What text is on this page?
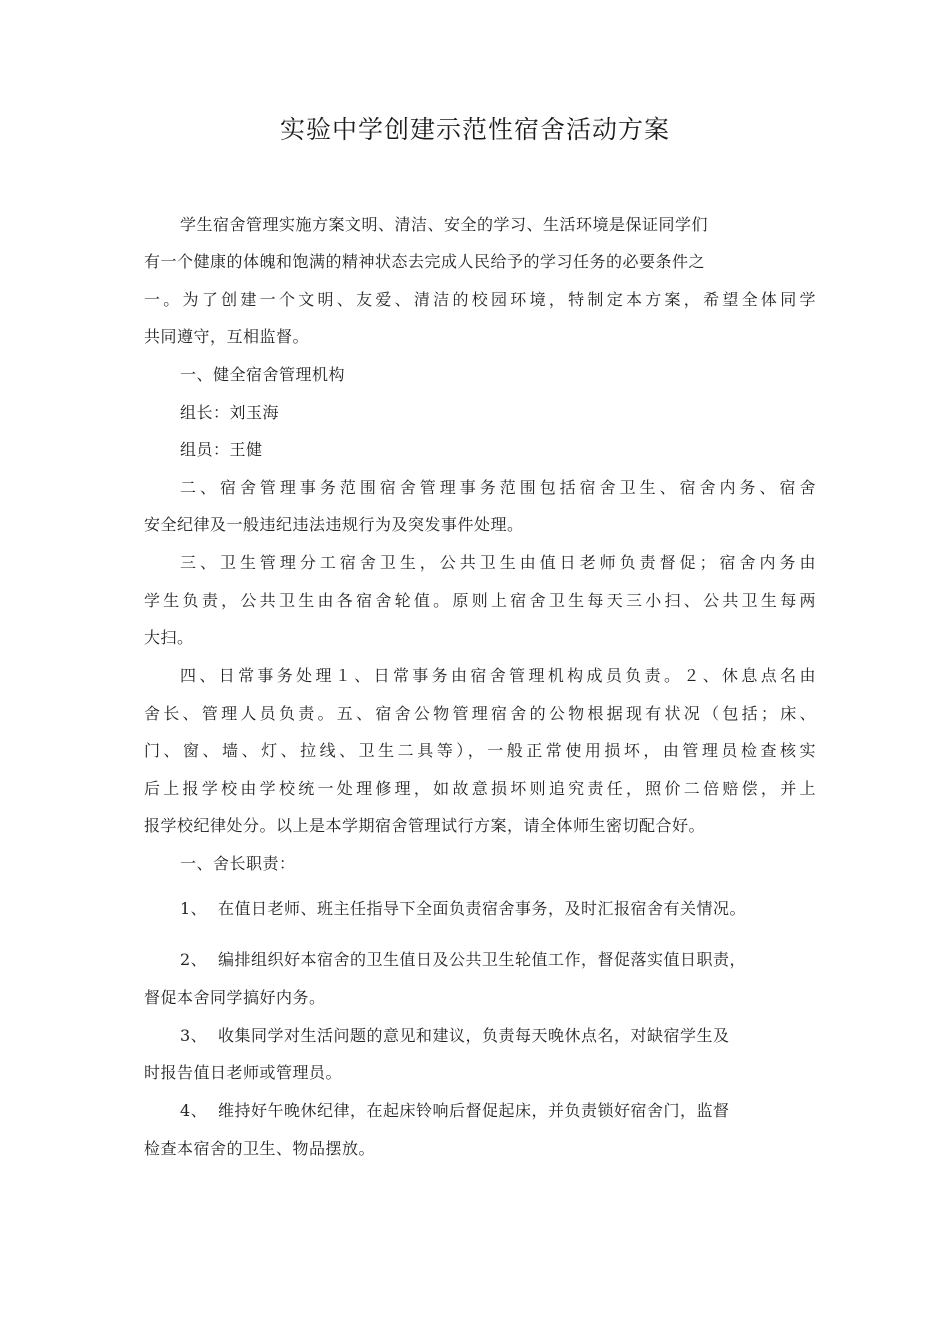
实验中学创建示范性宿舍活动方案
学生宿舍管理实施方案文明、清洁、安全的学习、生活环境是保证同学们
有一个健康的体魄和饱满的精神状态去完成人民给予的学习任务的必要条件之
一。为了创建一个文明、友爱、清洁的校园环境，特制定本方案，希望全体同学
共同遵守，互相监督。
一、健全宿舍管理机构
组长：刘玉海
组员：王健
二、宿舍管理事务范围宿舍管理事务范围包括宿舍卫生、宿舍内务、宿舍
安全纪律及一般违纪违法违规行为及突发事件处理。
三、卫生管理分工宿舍卫生，公共卫生由值日老师负责督促；宿舍内务由
学生负责，公共卫生由各宿舍轮值。原则上宿舍卫生每天三小扫、公共卫生每两
大扫。
四、日常事务处理１、日常事务由宿舍管理机构成员负责。２、休息点名由
舍长、管理人员负责。五、宿舍公物管理宿舍的公物根据现有状况（包括；床、
门、窗、墙、灯、拉线、卫生二具等），一般正常使用损坏，由管理员检查核实
后上报学校由学校统一处理修理，如故意损坏则追究责任，照价二倍赔偿，并上
报学校纪律处分。以上是本学期宿舍管理试行方案，请全体师生密切配合好。
一、舍长职责：
1、 在值日老师、班主任指导下全面负责宿舍事务，及时汇报宿舍有关情况。
2、 编排组织好本宿舍的卫生值日及公共卫生轮值工作，督促落实值日职责，
督促本舍同学搞好内务。
3、 收集同学对生活问题的意见和建议，负责每天晚休点名，对缺宿学生及
时报告值日老师或管理员。
4、 维持好午晚休纪律，在起床铃响后督促起床，并负责锁好宿舍门，监督
检查本宿舍的卫生、物品摆放。
